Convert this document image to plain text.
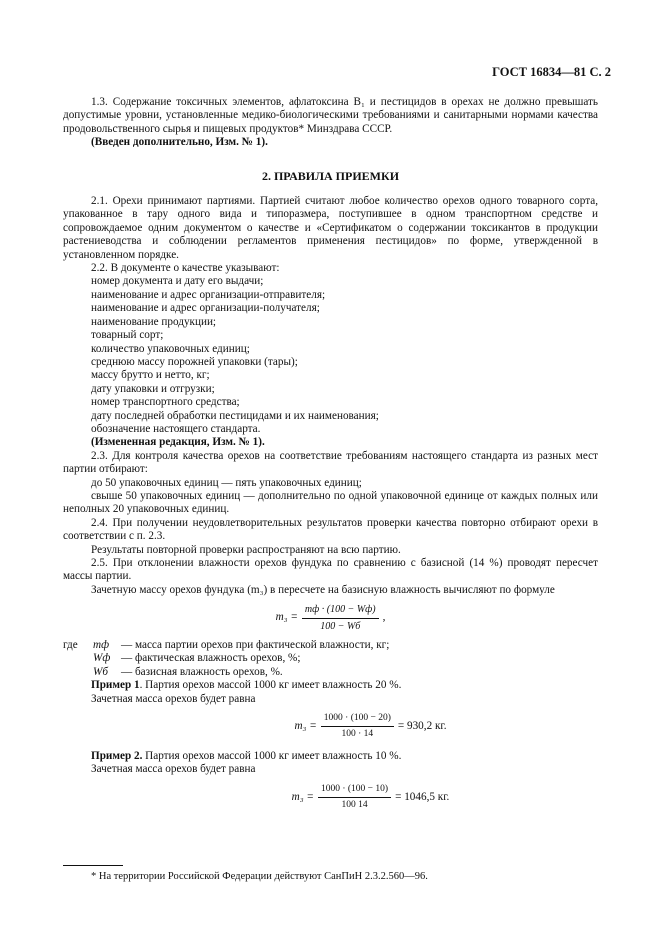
ГОСТ 16834—81 С. 2

1.3. Содержание токсичных элементов, афлатоксина B₁ и пестицидов в орехах не должно превышать допустимые уровни, установленные медико-биологическими требованиями и санитарными нормами качества продовольственного сырья и пищевых продуктов* Минздрава СССР.

(Введен дополнительно, Изм. № 1).

2. ПРАВИЛА ПРИЕМКИ

2.1. Орехи принимают партиями. Партией считают любое количество орехов одного товарного сорта, упакованное в тару одного вида и типоразмера, поступившее в одном транспортном средстве и сопровождаемое одним документом о качестве и «Сертификатом о содержании токсикантов в продукции растениеводства и соблюдении регламентов применения пестицидов» по форме, утвержденной в установленном порядке.

2.2. В документе о качестве указывают:

номер документа и дату его выдачи;

наименование и адрес организации-отправителя;

наименование и адрес организации-получателя;

наименование продукции;

товарный сорт;

количество упаковочных единиц;

среднюю массу порожней упаковки (тары);

массу брутто и нетто, кг;

дату упаковки и отгрузки;

номер транспортного средства;

дату последней обработки пестицидами и их наименования;

обозначение настоящего стандарта.

(Измененная редакция, Изм. № 1).

2.3. Для контроля качества орехов на соответствие требованиям настоящего стандарта из разных мест партии отбирают:

до 50 упаковочных единиц — пять упаковочных единиц;

свыше 50 упаковочных единиц — дополнительно по одной упаковочной единице от каждых полных или неполных 20 упаковочных единиц.

2.4. При получении неудовлетворительных результатов проверки качества повторно отбирают орехи в соответствии с п. 2.3.

Результаты повторной проверки распространяют на всю партию.

2.5. При отклонении влажности орехов фундука по сравнению с базисной (14 %) проводят пересчет массы партии.

Зачетную массу орехов фундука (m₃) в пересчете на базисную влажность вычисляют по формуле

$m_3 = \frac{mф \cdot (100 - Wф)}{100 - Wб}$ ,
где	mф	— масса партии орехов при фактической влажности, кг;
Wф — фактическая влажность орехов, %;
Wб	— базисная влажность орехов, %.

Пример 1. Партия орехов массой 1000 кг имеет влажность 20 %.

Зачетная масса орехов будет равна

$m_3 = \frac{1000 \cdot (100 - 20)}{100 \cdot 14} = 930,2$ кг.

Пример 2. Партия орехов массой 1000 кг имеет влажность 10 %.

Зачетная масса орехов будет равна

$m_3 = \frac{1000 \cdot (100 - 10)}{100 14} = 1046,5$ кг.

* На территории Российской Федерации действуют СанПиН 2.3.2.560—96.
